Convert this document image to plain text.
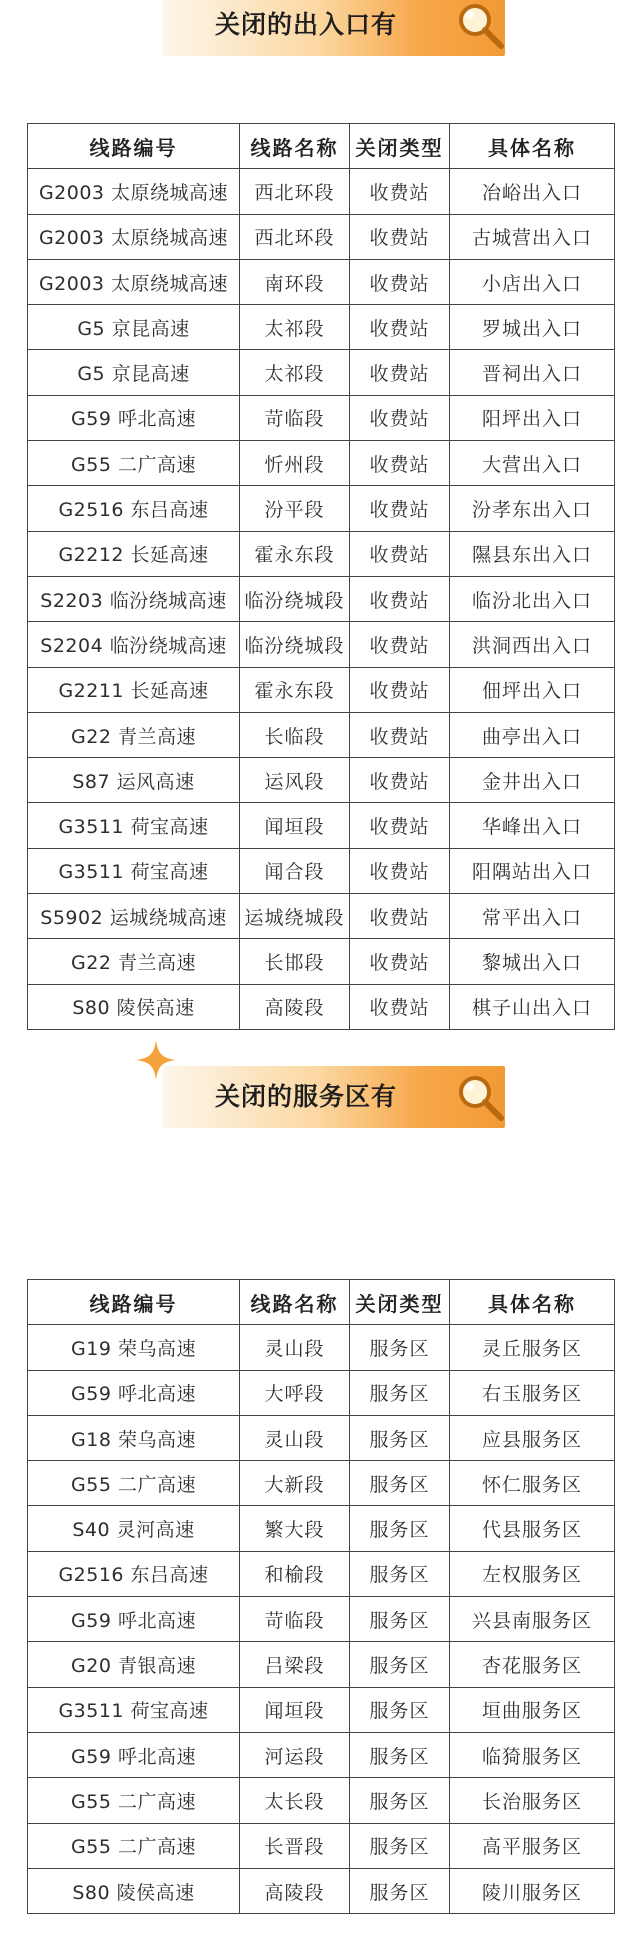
关闭的出入口有
线路编号	线路名称	关闭类型	具体名称
G2003 太原绕城高速	西北环段	收费站	冶峪出入口
G2003 太原绕城高速	西北环段	收费站	古城营出入口
G2003 太原绕城高速	南环段	收费站	小店出入口
G5 京昆高速	太祁段	收费站	罗城出入口
G5 京昆高速	太祁段	收费站	晋祠出入口
G59 呼北高速	苛临段	收费站	阳坪出入口
G55 二广高速	忻州段	收费站	大营出入口
G2516 东吕高速	汾平段	收费站	汾孝东出入口
G2212 长延高速	霍永东段	收费站	隰县东出入口
S2203 临汾绕城高速	临汾绕城段	收费站	临汾北出入口
S2204 临汾绕城高速	临汾绕城段	收费站	洪洞西出入口
G2211 长延高速	霍永东段	收费站	佃坪出入口
G22 青兰高速	长临段	收费站	曲亭出入口
S87 运风高速	运风段	收费站	金井出入口
G3511 荷宝高速	闻垣段	收费站	华峰出入口
G3511 荷宝高速	闻合段	收费站	阳隅站出入口
S5902 运城绕城高速	运城绕城段	收费站	常平出入口
G22 青兰高速	长邯段	收费站	黎城出入口
S80 陵侯高速	高陵段	收费站	棋子山出入口
关闭的服务区有
线路编号	线路名称	关闭类型	具体名称
G19 荣乌高速	灵山段	服务区	灵丘服务区
G59 呼北高速	大呼段	服务区	右玉服务区
G18 荣乌高速	灵山段	服务区	应县服务区
G55 二广高速	大新段	服务区	怀仁服务区
S40 灵河高速	繁大段	服务区	代县服务区
G2516 东吕高速	和榆段	服务区	左权服务区
G59 呼北高速	苛临段	服务区	兴县南服务区
G20 青银高速	吕梁段	服务区	杏花服务区
G3511 荷宝高速	闻垣段	服务区	垣曲服务区
G59 呼北高速	河运段	服务区	临猗服务区
G55 二广高速	太长段	服务区	长治服务区
G55 二广高速	长晋段	服务区	高平服务区
S80 陵侯高速	高陵段	服务区	陵川服务区
